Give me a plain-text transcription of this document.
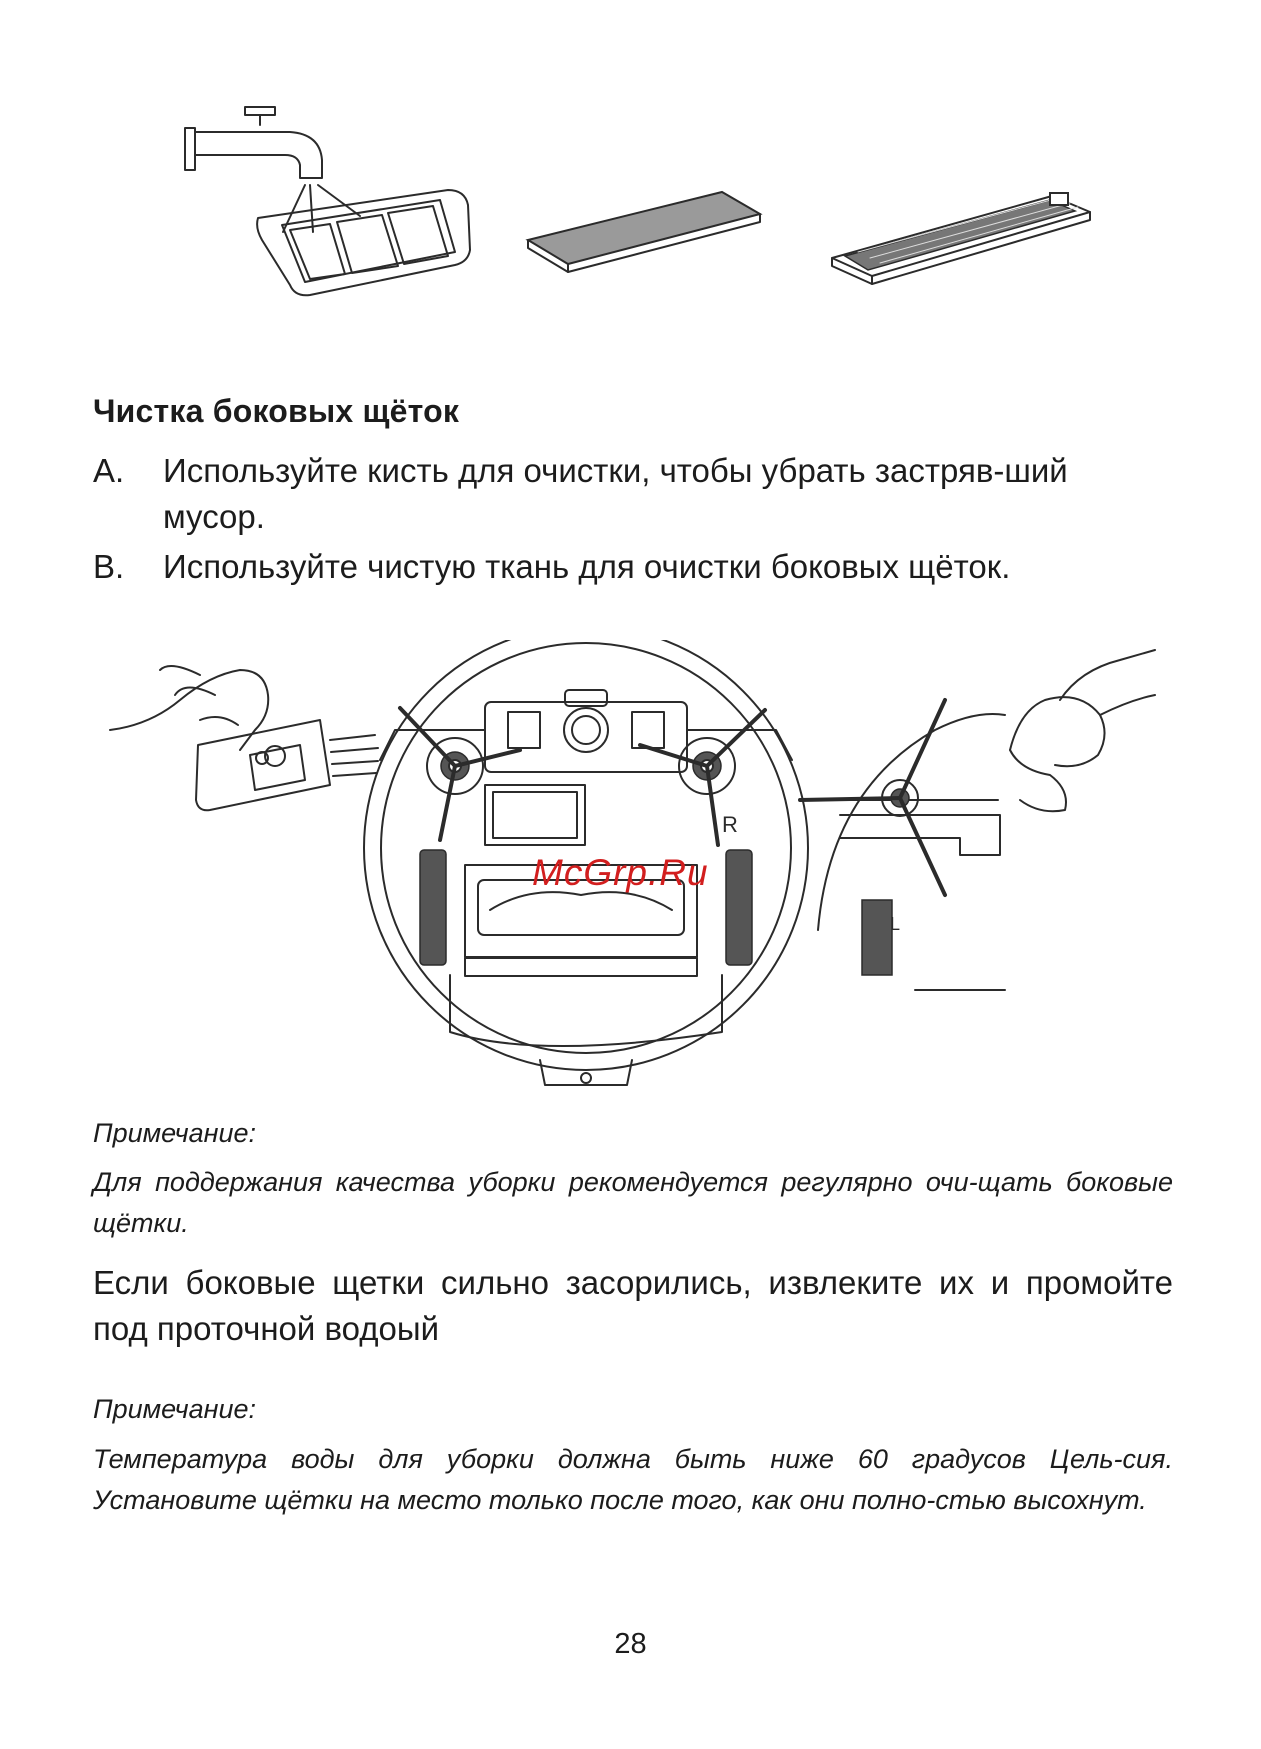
Чистка боковых щёток
A. Используйте кисть для очистки, чтобы убрать застряв-ший мусор.
B. Используйте чистую ткань для очистки боковых щёток.
R
L
McGrp.Ru
Примечание:
Для поддержания качества уборки рекомендуется регулярно очи-щать боковые щётки.
Если боковые щетки сильно засорились, извлеките их и промойте под проточной водоый
Примечание:
Температура воды для уборки должна быть ниже 60 градусов Цель-сия. Установите щётки на место только после того, как они полно-стью высохнут.
28
